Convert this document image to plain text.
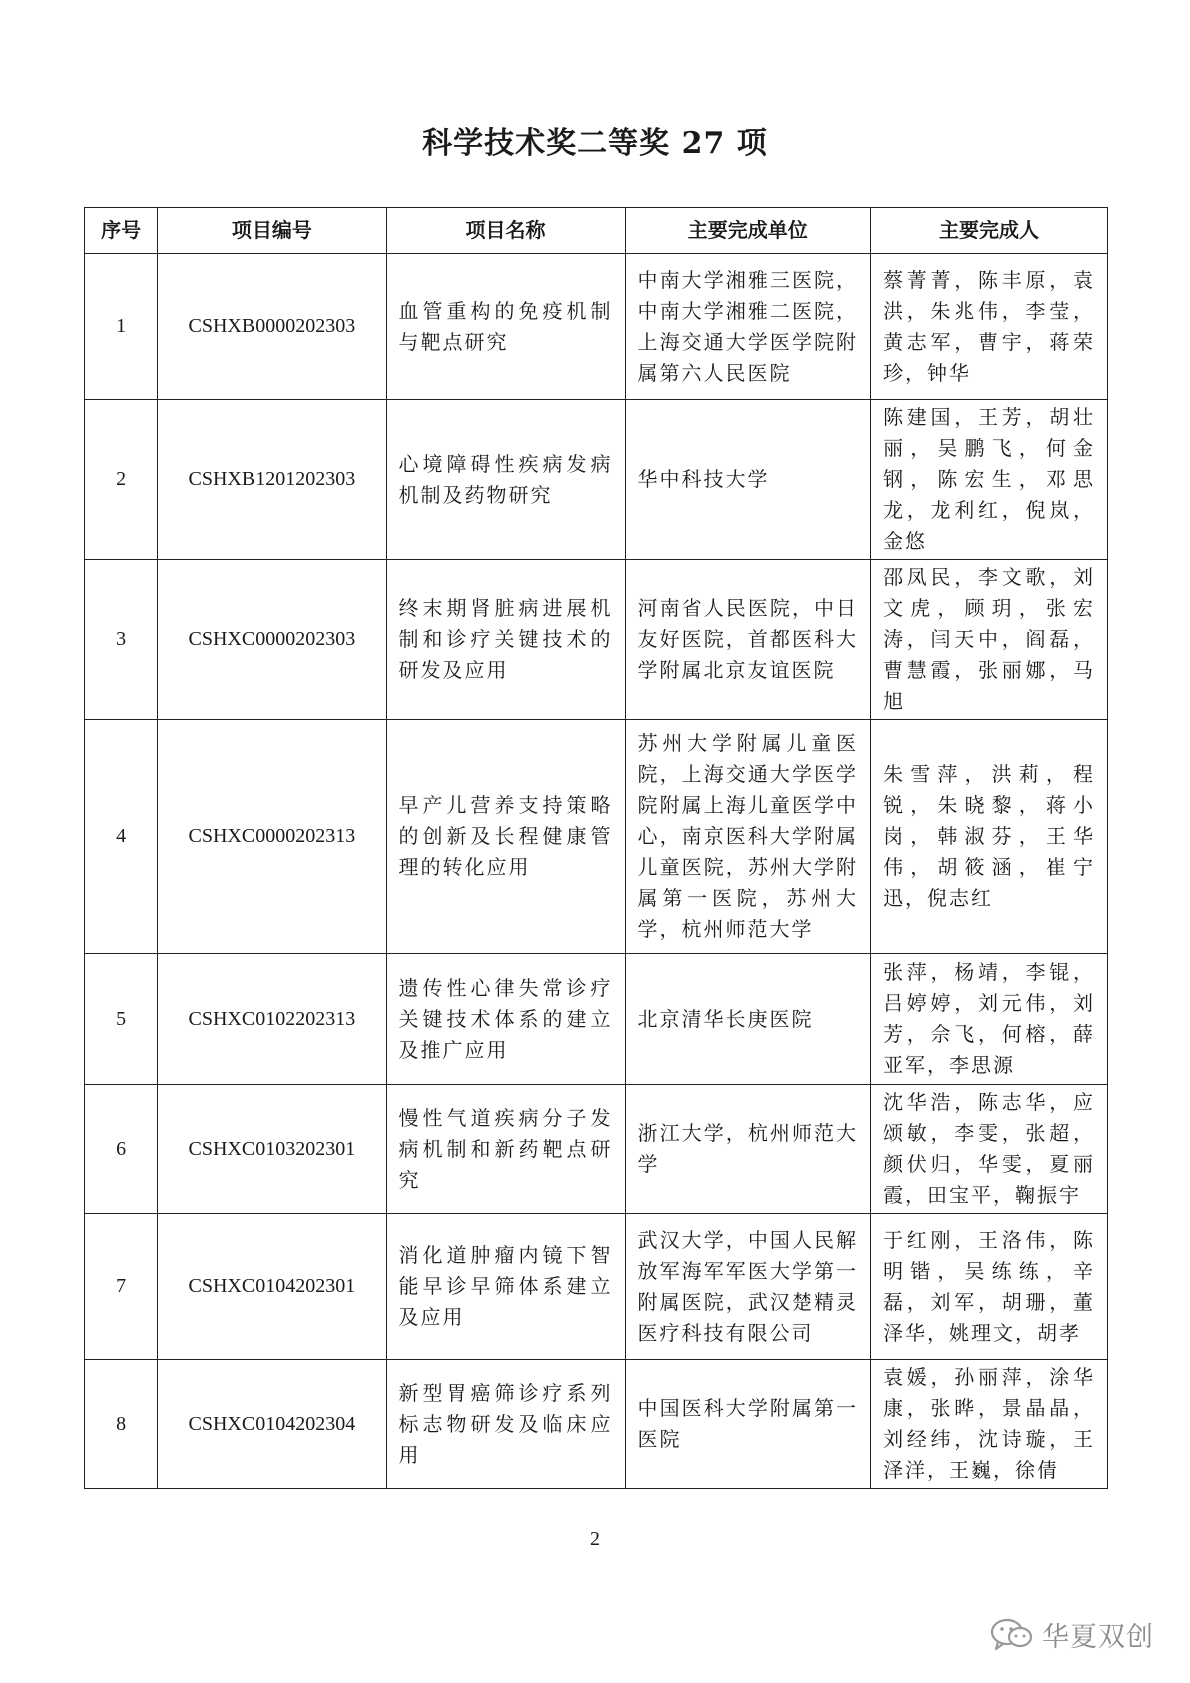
科学技术奖二等奖 27 项
序号	项目编号	项目名称	主要完成单位	主要完成人
1	CSHXB0000202303	血管重构的免疫机制与靶点研究	中南大学湘雅三医院，中南大学湘雅二医院，上海交通大学医学院附属第六人民医院	蔡菁菁，陈丰原，袁洪，朱兆伟，李莹，黄志军，曹宇，蒋荣珍，钟华
2	CSHXB1201202303	心境障碍性疾病发病机制及药物研究	华中科技大学	陈建国，王芳，胡壮丽，吴鹏飞，何金钢，陈宏生，邓思龙，龙利红，倪岚，金悠
3	CSHXC0000202303	终末期肾脏病进展机制和诊疗关键技术的研发及应用	河南省人民医院，中日友好医院，首都医科大学附属北京友谊医院	邵凤民，李文歌，刘文虎，顾玥，张宏涛，闫天中，阎磊，曹慧霞，张丽娜，马旭
4	CSHXC0000202313	早产儿营养支持策略的创新及长程健康管理的转化应用	苏州大学附属儿童医院，上海交通大学医学院附属上海儿童医学中心，南京医科大学附属儿童医院，苏州大学附属第一医院，苏州大学，杭州师范大学	朱雪萍，洪莉，程锐，朱晓黎，蒋小岗，韩淑芬，王华伟，胡筱涵，崔宁迅，倪志红
5	CSHXC0102202313	遗传性心律失常诊疗关键技术体系的建立及推广应用	北京清华长庚医院	张萍，杨靖，李锟，吕婷婷，刘元伟，刘芳，佘飞，何榕，薛亚军，李思源
6	CSHXC0103202301	慢性气道疾病分子发病机制和新药靶点研究	浙江大学，杭州师范大学	沈华浩，陈志华，应颂敏，李雯，张超，颜伏归，华雯，夏丽霞，田宝平，鞠振宇
7	CSHXC0104202301	消化道肿瘤内镜下智能早诊早筛体系建立及应用	武汉大学，中国人民解放军海军军医大学第一附属医院，武汉楚精灵医疗科技有限公司	于红刚，王洛伟，陈明锴，吴练练，辛磊，刘军，胡珊，董泽华，姚理文，胡孝
8	CSHXC0104202304	新型胃癌筛诊疗系列标志物研发及临床应用	中国医科大学附属第一医院	袁媛，孙丽萍，涂华康，张晔，景晶晶，刘经纬，沈诗璇，王泽洋，王巍，徐倩
2
华夏双创
